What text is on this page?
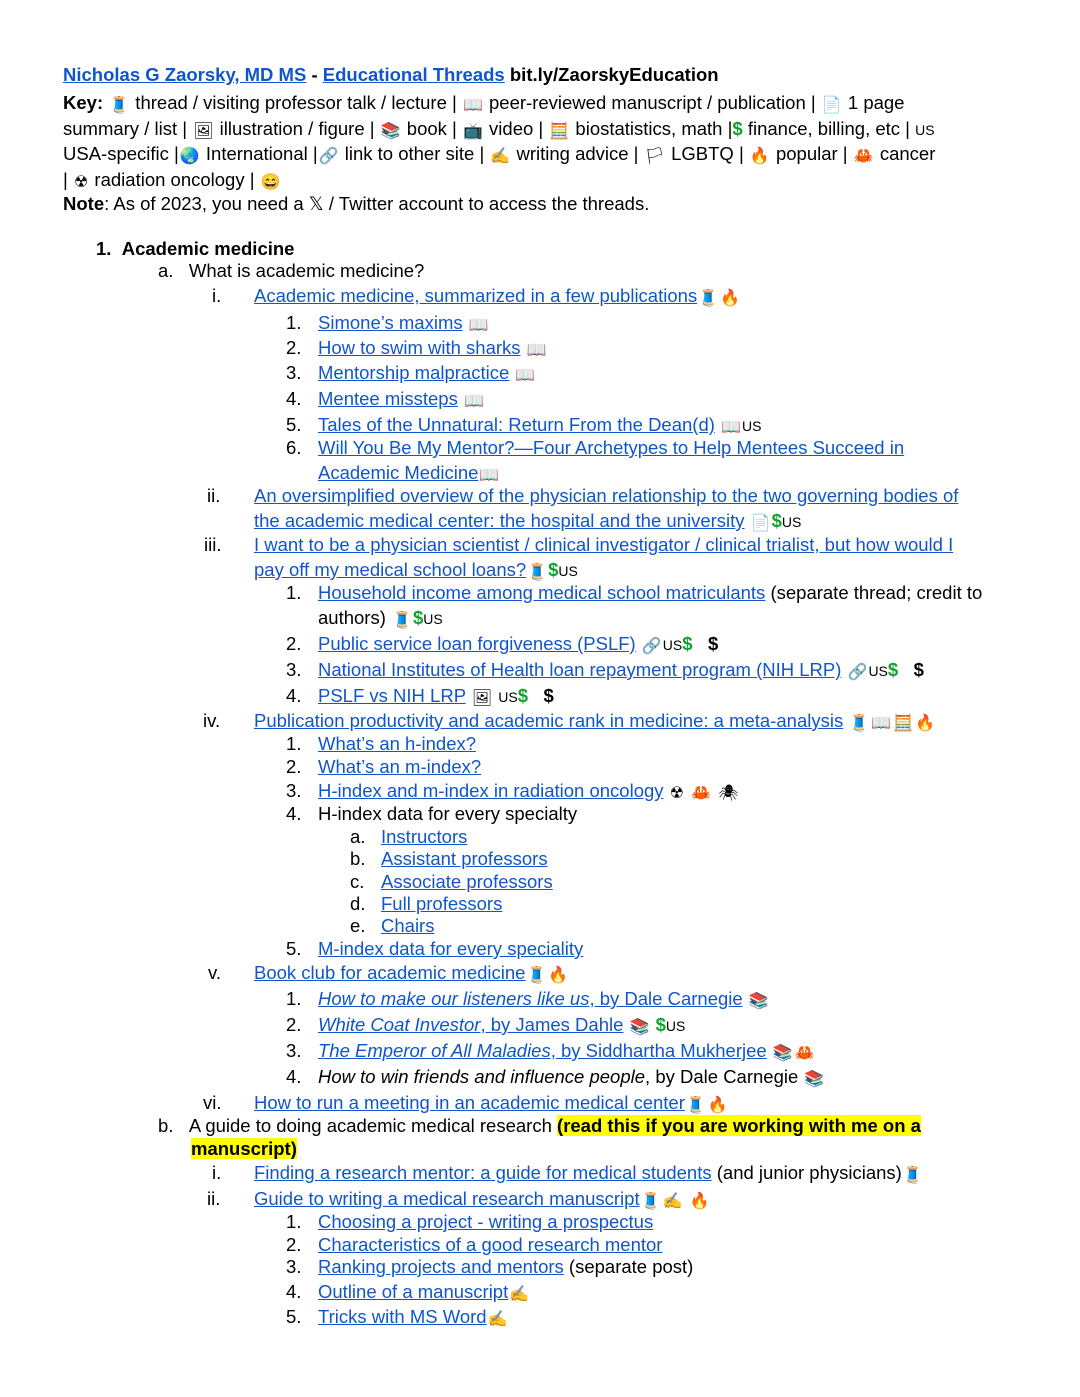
Nicholas G Zaorsky, MD MS - Educational Threads bit.ly/ZaorskyEducation
Key: 🧵 thread / visiting professor talk / lecture | 📖 peer-reviewed manuscript / publication | 📄 1 page
summary / list | 🖼 illustration / figure | 📚 book | 📺 video | 🧮 biostatistics, math |$ finance, billing, etc | US
USA-specific |🌏 International |🔗 link to other site | ✍ writing advice | 🏳 LGBTQ | 🔥 popular | 🦀 cancer
| ☢ radiation oncology | 😄
Note: As of 2023, you need a 𝕏 / Twitter account to access the threads.
1. Academic medicine
a. What is academic medicine?
i. Academic medicine, summarized in a few publications🧵 🔥
1. Simone’s maxims 📖
2. How to swim with sharks 📖
3. Mentorship malpractice 📖
4. Mentee missteps 📖
5. Tales of the Unnatural: Return From the Dean(d) 📖US
6. Will You Be My Mentor?—Four Archetypes to Help Mentees Succeed in
Academic Medicine📖
ii. An oversimplified overview of the physician relationship to the two governing bodies of
the academic medical center: the hospital and the university 📄$US
iii. I want to be a physician scientist / clinical investigator / clinical trialist, but how would I
pay off my medical school loans?🧵$US
1. Household income among medical school matriculants (separate thread; credit to
authors) 🧵$US
2. Public service loan forgiveness (PSLF) 🔗US$ $
3. National Institutes of Health loan repayment program (NIH LRP) 🔗US$ $
4. PSLF vs NIH LRP 🖼 US$ $
iv. Publication productivity and academic rank in medicine: a meta-analysis 🧵 📖 🧮 🔥
1. What’s an h-index?
2. What’s an m-index?
3. H-index and m-index in radiation oncology ☢ 🦀 🕷
4. H-index data for every specialty
a. Instructors
b. Assistant professors
c. Associate professors
d. Full professors
e. Chairs
5. M-index data for every speciality
v. Book club for academic medicine🧵 🔥
1. How to make our listeners like us, by Dale Carnegie 📚
2. White Coat Investor, by James Dahle 📚 $US
3. The Emperor of All Maladies, by Siddhartha Mukherjee 📚 🦀
4. How to win friends and influence people, by Dale Carnegie 📚
vi. How to run a meeting in an academic medical center🧵 🔥
b. A guide to doing academic medical research (read this if you are working with me on a
manuscript)
i. Finding a research mentor: a guide for medical students (and junior physicians)🧵
ii. Guide to writing a medical research manuscript🧵 ✍ 🔥
1. Choosing a project - writing a prospectus
2. Characteristics of a good research mentor
3. Ranking projects and mentors (separate post)
4. Outline of a manuscript✍
5. Tricks with MS Word✍
